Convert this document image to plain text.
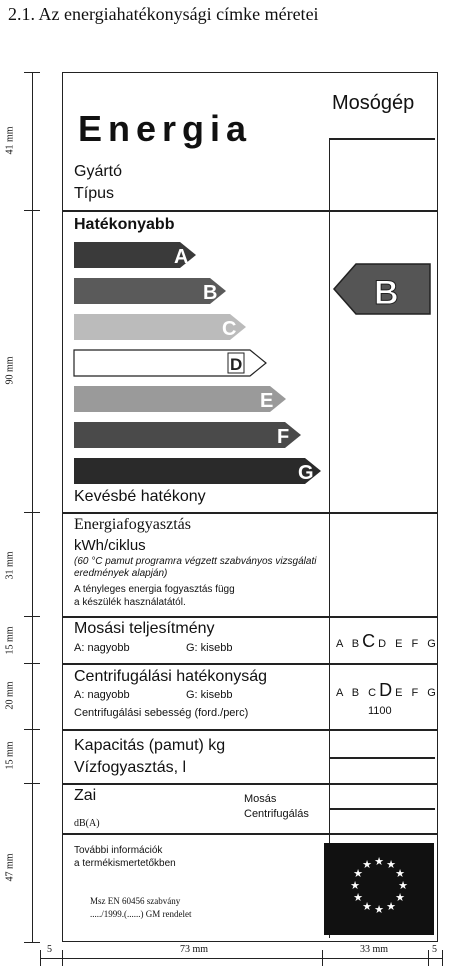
2.1. Az energiahatékonysági címke méretei
Energia
Mosógép
Gyártó
Típus
Hatékonyabb
A
B
C
D
E
F
G
Kevésbé hatékony
B
Energiafogyasztás
kWh/ciklus
(60 °C pamut programra végzett szabványos vizsgálati eredmények alapján)
A tényleges energia fogyasztás függ
a készülék használatától.
Mosási teljesítmény
A: nagyobb	G: kisebb	A BCD E F G
Centrifugálási hatékonyság
A: nagyobb	G: kisebb
Centrifugálási sebesség (ford./perc)
A B CDE F G
1100
Kapacitás (pamut) kg
Vízfogyasztás, l
Zai
dB(A)
Mosás
Centrifugálás
További információk
a termékismertetőkben
Msz EN 60456 szabvány
...../1999.(......) GM rendelet
★ ★
★
★
★
★
★
★
★
★
★
★
41 mm
90 mm
31 mm
15 mm
20 mm
15 mm
47 mm
5	73 mm	33 mm	5
